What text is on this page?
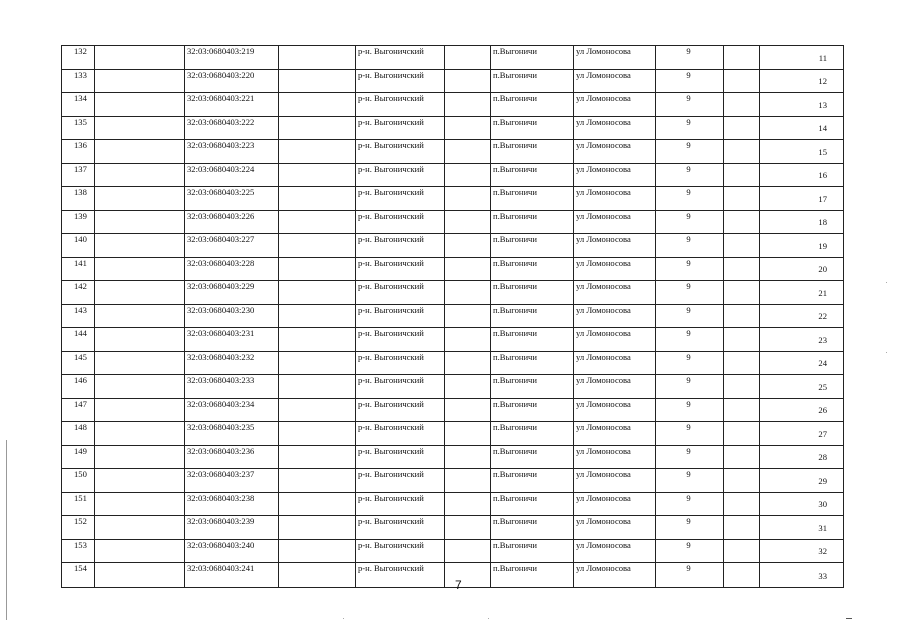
132		32:03:0680403:219		р-н. Выгоничский		п.Выгоничи	ул Ломоносова	9		11
133		32:03:0680403:220		р-н. Выгоничский		п.Выгоничи	ул Ломоносова	9		12
134		32:03:0680403:221		р-н. Выгоничский		п.Выгоничи	ул Ломоносова	9		13
135		32:03:0680403:222		р-н. Выгоничский		п.Выгоничи	ул Ломоносова	9		14
136		32:03:0680403:223		р-н. Выгоничский		п.Выгоничи	ул Ломоносова	9		15
137		32:03:0680403:224		р-н. Выгоничский		п.Выгоничи	ул Ломоносова	9		16
138		32:03:0680403:225		р-н. Выгоничский		п.Выгоничи	ул Ломоносова	9		17
139		32:03:0680403:226		р-н. Выгоничский		п.Выгоничи	ул Ломоносова	9		18
140		32:03:0680403:227		р-н. Выгоничский		п.Выгоничи	ул Ломоносова	9		19
141		32:03:0680403:228		р-н. Выгоничский		п.Выгоничи	ул Ломоносова	9		20
142		32:03:0680403:229		р-н. Выгоничский		п.Выгоничи	ул Ломоносова	9		21
143		32:03:0680403:230		р-н. Выгоничский		п.Выгоничи	ул Ломоносова	9		22
144		32:03:0680403:231		р-н. Выгоничский		п.Выгоничи	ул Ломоносова	9		23
145		32:03:0680403:232		р-н. Выгоничский		п.Выгоничи	ул Ломоносова	9		24
146		32:03:0680403:233		р-н. Выгоничский		п.Выгоничи	ул Ломоносова	9		25
147		32:03:0680403:234		р-н. Выгоничский		п.Выгоничи	ул Ломоносова	9		26
148		32:03:0680403:235		р-н. Выгоничский		п.Выгоничи	ул Ломоносова	9		27
149		32:03:0680403:236		р-н. Выгоничский		п.Выгоничи	ул Ломоносова	9		28
150		32:03:0680403:237		р-н. Выгоничский		п.Выгоничи	ул Ломоносова	9		29
151		32:03:0680403:238		р-н. Выгоничский		п.Выгоничи	ул Ломоносова	9		30
152		32:03:0680403:239		р-н. Выгоничский		п.Выгоничи	ул Ломоносова	9		31
153		32:03:0680403:240		р-н. Выгоничский		п.Выгоничи	ул Ломоносова	9		32
154		32:03:0680403:241		р-н. Выгоничский		п.Выгоничи	ул Ломоносова	9		33
7
